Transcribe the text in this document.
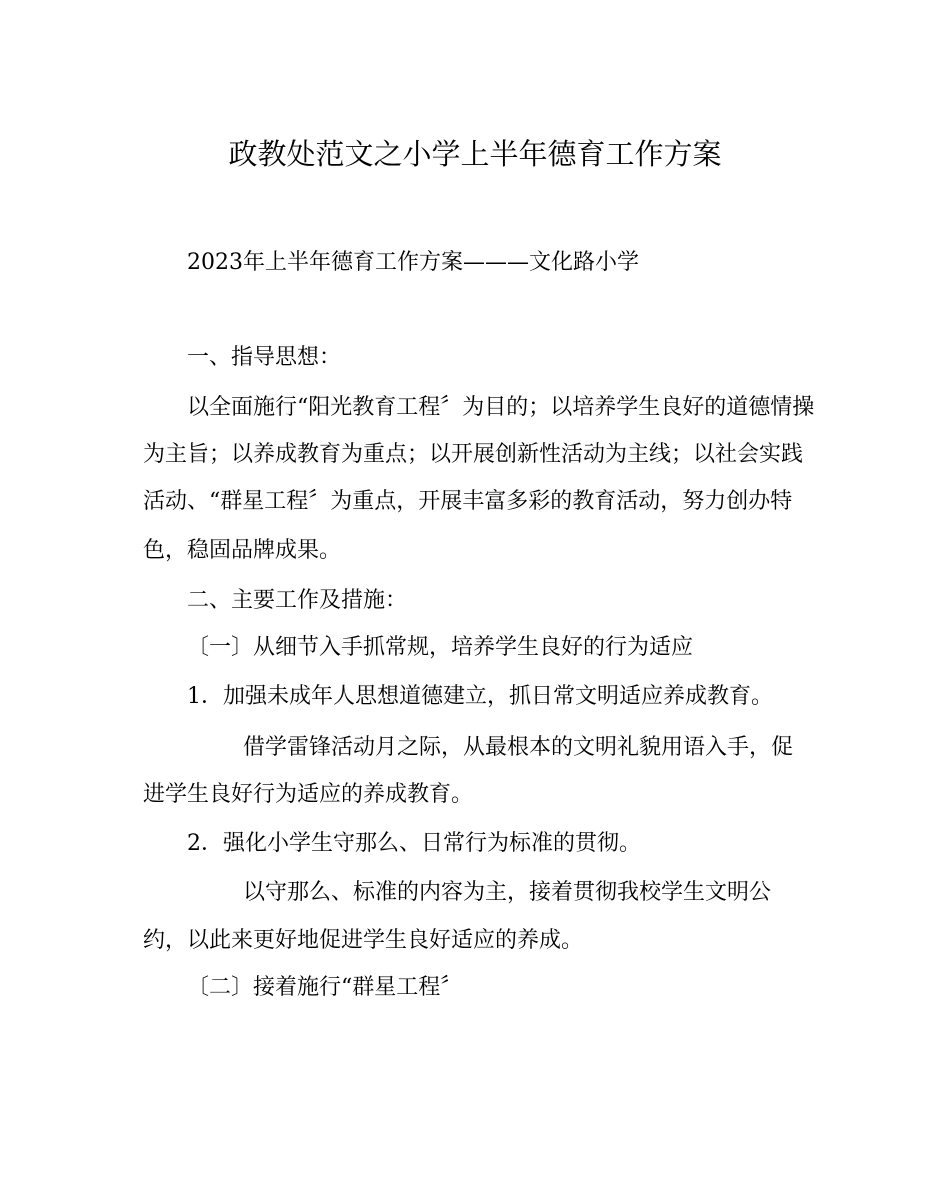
政教处范文之小学上半年德育工作方案
2023年上半年德育工作方案———文化路小学
一、指导思想：
以全面施行“阳光教育工程〞为目的；以培养学生良好的道德情操
为主旨；以养成教育为重点；以开展创新性活动为主线；以社会实践
活动、“群星工程〞为重点，开展丰富多彩的教育活动，努力创办特
色，稳固品牌成果。
二、主要工作及措施：
〔一〕从细节入手抓常规，培养学生良好的行为适应
1．加强未成年人思想道德建立，抓日常文明适应养成教育。
借学雷锋活动月之际，从最根本的文明礼貌用语入手，促
进学生良好行为适应的养成教育。
2．强化小学生守那么、日常行为标准的贯彻。
以守那么、标准的内容为主，接着贯彻我校学生文明公
约，以此来更好地促进学生良好适应的养成。
〔二〕接着施行“群星工程〞
